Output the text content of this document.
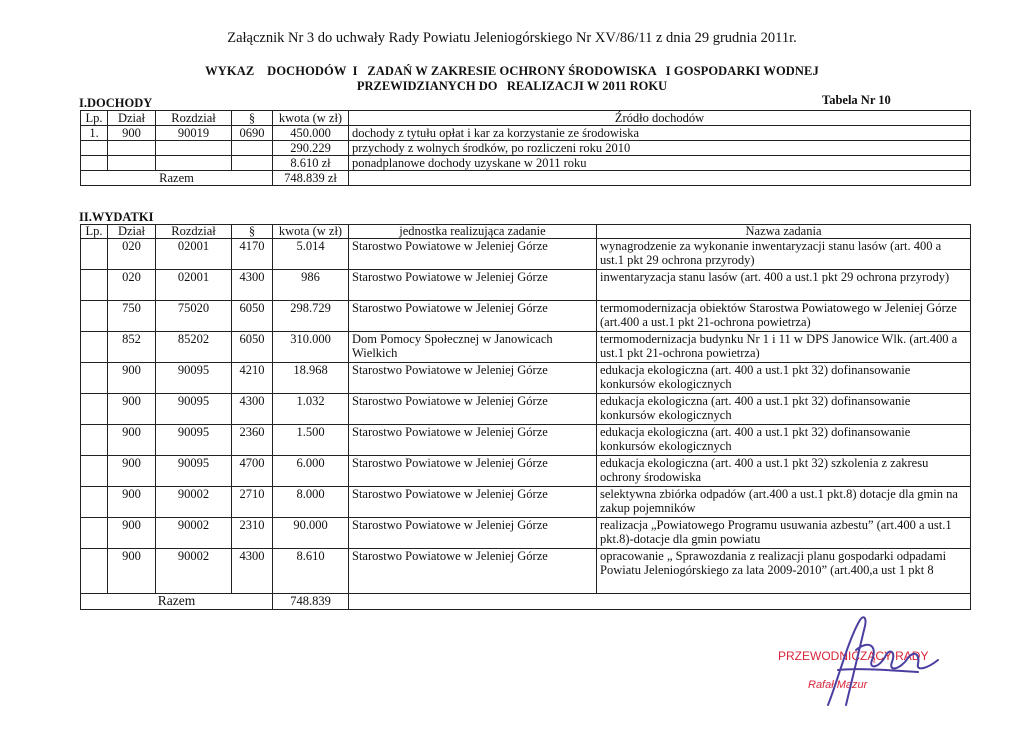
Załącznik Nr 3 do uchwały Rady Powiatu Jeleniogórskiego Nr XV/86/11 z dnia 29 grudnia 2011r.
WYKAZ    DOCHODÓW  I   ZADAŃ W ZAKRESIE OCHRONY ŚRODOWISKA   I GOSPODARKI WODNEJ
PRZEWIDZIANYCH DO   REALIZACJI W 2011 ROKU
I.DOCHODY	Tabela Nr 10
Lp.	Dział	Rozdział	§	kwota (w zł)	Źródło dochodów
1.	900	90019	0690	450.000	dochody z tytułu opłat i kar za korzystanie ze środowiska
				290.229	przychody z wolnych środków, po rozliczeni roku 2010
				8.610 zł	ponadplanowe dochody uzyskane w 2011 roku
Razem				748.839 zł	
II.WYDATKI
Lp.	Dział	Rozdział	§	kwota (w zł)	jednostka realizująca zadanie	Nazwa zadania
	020	02001	4170	5.014	Starostwo Powiatowe w Jeleniej Górze	wynagrodzenie za wykonanie inwentaryzacji stanu lasów (art. 400 a ust.1 pkt 29 ochrona przyrody)
	020	02001	4300	986	Starostwo Powiatowe w Jeleniej Górze	inwentaryzacja stanu lasów (art. 400 a ust.1 pkt 29 ochrona przyrody)
	750	75020	6050	298.729	Starostwo Powiatowe w Jeleniej Górze	termomodernizacja obiektów Starostwa Powiatowego w Jeleniej Górze (art.400 a ust.1 pkt 21-ochrona powietrza)
	852	85202	6050	310.000	Dom Pomocy Społecznej w Janowicach Wielkich	termomodernizacja budynku Nr 1 i 11 w DPS Janowice Wlk. (art.400 a ust.1 pkt 21-ochrona powietrza)
	900	90095	4210	18.968	Starostwo Powiatowe w Jeleniej Górze	edukacja ekologiczna (art. 400 a ust.1 pkt 32) dofinansowanie konkursów ekologicznych
	900	90095	4300	1.032	Starostwo Powiatowe w Jeleniej Górze	edukacja ekologiczna (art. 400 a ust.1 pkt 32) dofinansowanie konkursów ekologicznych
	900	90095	2360	1.500	Starostwo Powiatowe w Jeleniej Górze	edukacja ekologiczna (art. 400 a ust.1 pkt 32) dofinansowanie konkursów ekologicznych
	900	90095	4700	6.000	Starostwo Powiatowe w Jeleniej Górze	edukacja ekologiczna (art. 400 a ust.1 pkt 32) szkolenia z zakresu ochrony środowiska
	900	90002	2710	8.000	Starostwo Powiatowe w Jeleniej Górze	selektywna zbiórka odpadów (art.400 a ust.1 pkt.8) dotacje dla gmin na zakup pojemników
	900	90002	2310	90.000	Starostwo Powiatowe w Jeleniej Górze	realizacja „Powiatowego Programu usuwania azbestu” (art.400 a ust.1 pkt.8)-dotacje dla gmin powiatu
	900	90002	4300	8.610	Starostwo Powiatowe w Jeleniej Górze	opracowanie „ Sprawozdania z realizacji planu gospodarki odpadami Powiatu Jeleniogórskiego za lata 2009-2010” (art.400,a ust 1 pkt 8
Razem				748.839		
PRZEWODNICZĄCY RADY
Rafał Mazur
